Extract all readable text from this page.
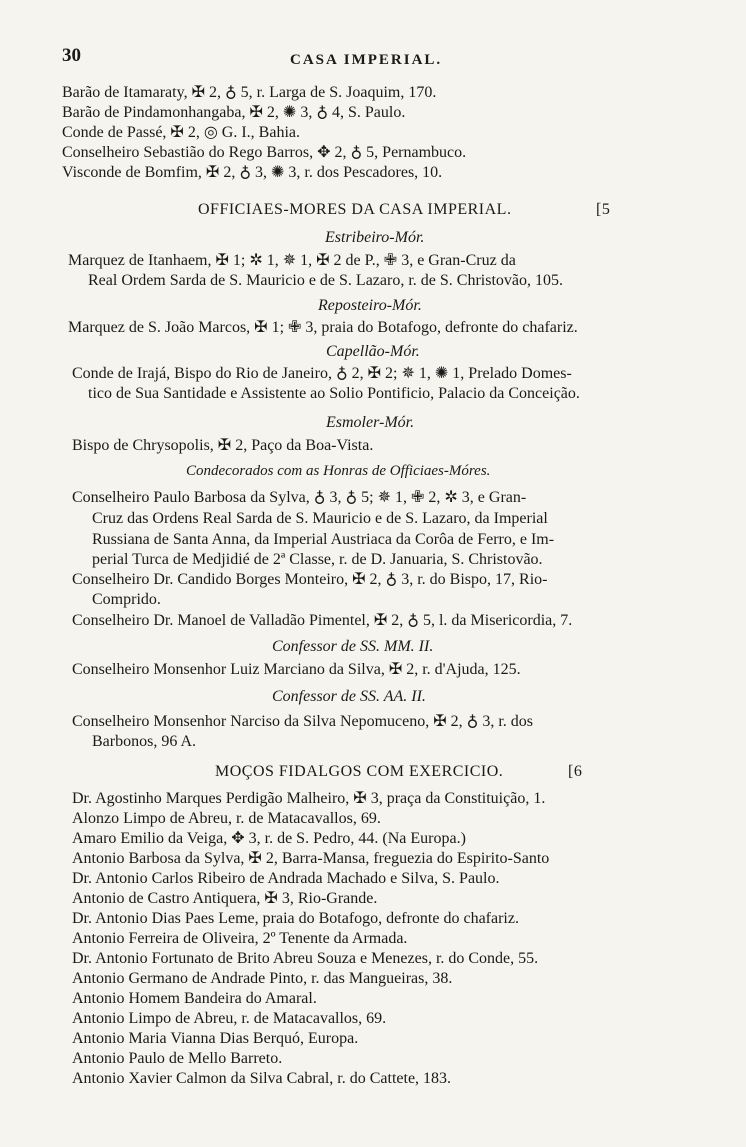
30	CASA IMPERIAL.
Barão de Itamaraty, ✠ 2, ♁ 5, r. Larga de S. Joaquim, 170.
Barão de Pindamonhangaba, ✠ 2, ✺ 3, ♁ 4, S. Paulo.
Conde de Passé, ✠ 2, ◎ G. I., Bahia.
Conselheiro Sebastião do Rego Barros, ✥ 2, ♁ 5, Pernambuco.
Visconde de Bomfim, ✠ 2, ♁ 3, ✺ 3, r. dos Pescadores, 10.
OFFICIAES-MORES DA CASA IMPERIAL.	[5
Estribeiro-Mór.
Marquez de Itanhaem, ✠ 1; ✲ 1, ✵ 1, ✠ 2 de P., ✙ 3, e Gran-Cruz da
Real Ordem Sarda de S. Mauricio e de S. Lazaro, r. de S. Christovão, 105.
Reposteiro-Mór.
Marquez de S. João Marcos, ✠ 1; ✙ 3, praia do Botafogo, defronte do chafariz.
Capellão-Mór.
Conde de Irajá, Bispo do Rio de Janeiro, ♁ 2, ✠ 2; ✵ 1, ✺ 1, Prelado Domes-
tico de Sua Santidade e Assistente ao Solio Pontificio, Palacio da Conceição.
Esmoler-Mór.
Bispo de Chrysopolis, ✠ 2, Paço da Boa-Vista.
Condecorados com as Honras de Officiaes-Móres.
Conselheiro Paulo Barbosa da Sylva, ♁ 3, ♁ 5; ✵ 1, ✙ 2, ✲ 3, e Gran-
Cruz das Ordens Real Sarda de S. Mauricio e de S. Lazaro, da Imperial
Russiana de Santa Anna, da Imperial Austriaca da Corôa de Ferro, e Im-
perial Turca de Medjidié de 2ª Classe, r. de D. Januaria, S. Christovão.
Conselheiro Dr. Candido Borges Monteiro, ✠ 2, ♁ 3, r. do Bispo, 17, Rio-
Comprido.
Conselheiro Dr. Manoel de Valladão Pimentel, ✠ 2, ♁ 5, l. da Misericordia, 7.
Confessor de SS. MM. II.
Conselheiro Monsenhor Luiz Marciano da Silva, ✠ 2, r. d'Ajuda, 125.
Confessor de SS. AA. II.
Conselheiro Monsenhor Narciso da Silva Nepomuceno, ✠ 2, ♁ 3, r. dos
Barbonos, 96 A.
MOÇOS FIDALGOS COM EXERCICIO.	[6
Dr. Agostinho Marques Perdigão Malheiro, ✠ 3, praça da Constituição, 1.
Alonzo Limpo de Abreu, r. de Matacavallos, 69.
Amaro Emilio da Veiga, ✥ 3, r. de S. Pedro, 44. (Na Europa.)
Antonio Barbosa da Sylva, ✠ 2, Barra-Mansa, freguezia do Espirito-Santo
Dr. Antonio Carlos Ribeiro de Andrada Machado e Silva, S. Paulo.
Antonio de Castro Antiquera, ✠ 3, Rio-Grande.
Dr. Antonio Dias Paes Leme, praia do Botafogo, defronte do chafariz.
Antonio Ferreira de Oliveira, 2º Tenente da Armada.
Dr. Antonio Fortunato de Brito Abreu Souza e Menezes, r. do Conde, 55.
Antonio Germano de Andrade Pinto, r. das Mangueiras, 38.
Antonio Homem Bandeira do Amaral.
Antonio Limpo de Abreu, r. de Matacavallos, 69.
Antonio Maria Vianna Dias Berquó, Europa.
Antonio Paulo de Mello Barreto.
Antonio Xavier Calmon da Silva Cabral, r. do Cattete, 183.
